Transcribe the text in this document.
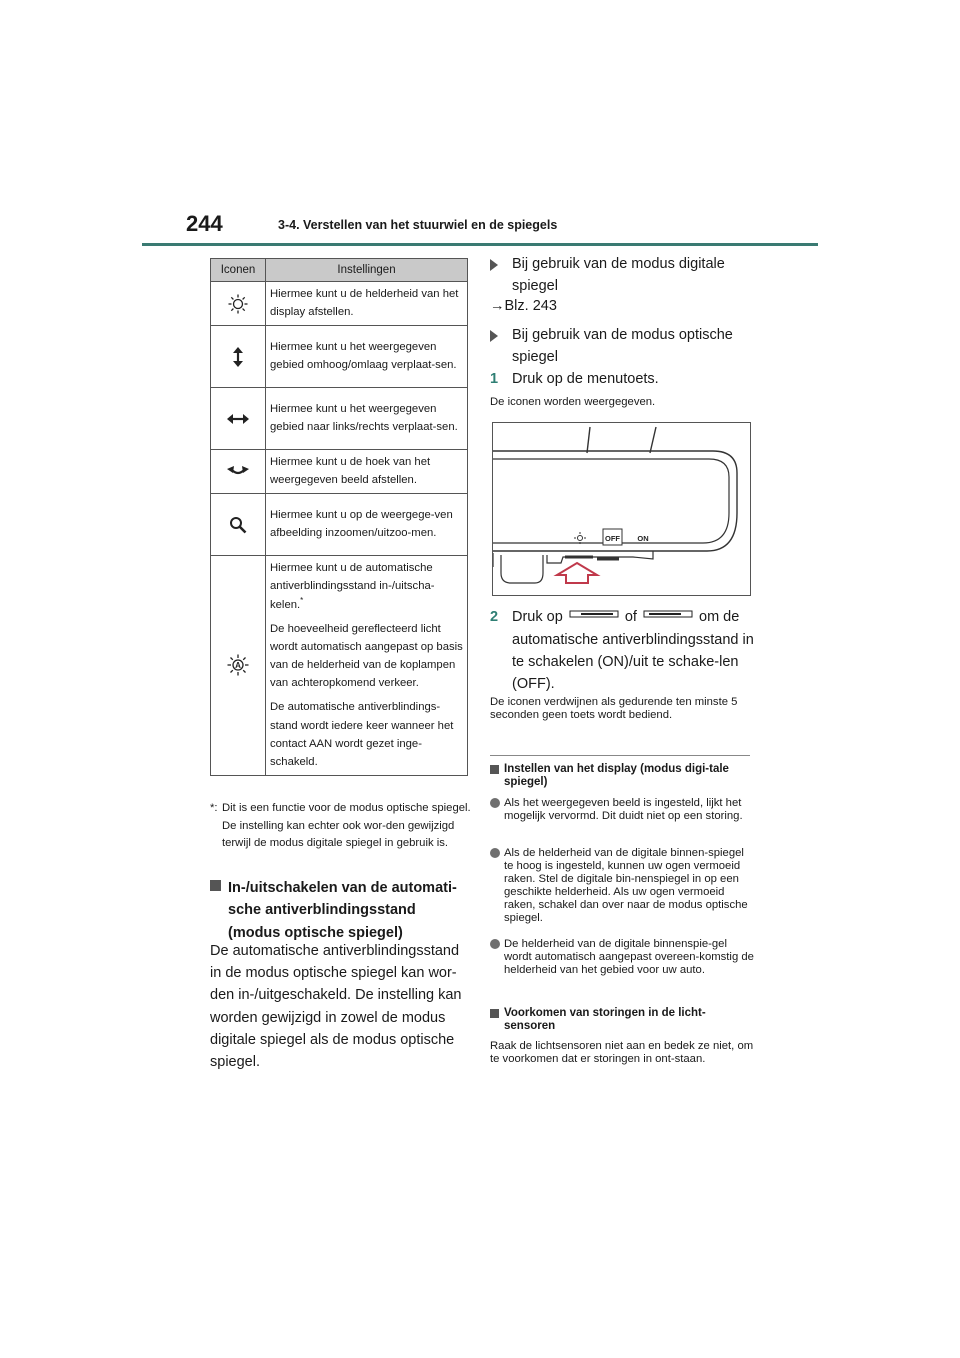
244	3-4. Verstellen van het stuurwiel en de spiegels
Iconen	Instellingen

Hiermee kunt u de helderheid van het display afstellen.

Hiermee kunt u het weergegeven gebied omhoog/omlaag verplaat-sen.

Hiermee kunt u het weergegeven gebied naar links/rechts verplaat-sen.

Hiermee kunt u de hoek van het weergegeven beeld afstellen.

Hiermee kunt u op de weergege-ven afbeelding inzoomen/uitzoo-men.

A	Hiermee kunt u de automatische antiverblindingsstand in-/uitscha-kelen.*

De hoeveelheid gereflecteerd licht wordt automatisch aangepast op basis van de helderheid van de koplampen van achteropkomend verkeer.

De automatische antiverblindings-stand wordt iedere keer wanneer het contact AAN wordt gezet inge-schakeld.

*: Dit is een functie voor de modus optische spiegel. De instelling kan echter ook wor-den gewijzigd terwijl de modus digitale spiegel in gebruik is.
In-/uitschakelen van de automati-sche antiverblindingsstand (modus optische spiegel)
De automatische antiverblindingsstand in de modus optische spiegel kan wor-den in-/uitgeschakeld. De instelling kan worden gewijzigd in zowel de modus digitale spiegel als de modus optische spiegel.
Bij gebruik van de modus digitale spiegel
→Blz. 243
Bij gebruik van de modus optische spiegel
1 Druk op de menutoets.
De iconen worden weergegeven.
OFF ON
2 Druk op	of	om de automatische antiverblindingsstand in te schakelen (ON)/uit te schake-len (OFF).
De iconen verdwijnen als gedurende ten minste 5 seconden geen toets wordt bediend.
Instellen van het display (modus digi-tale spiegel)
Als het weergegeven beeld is ingesteld, lijkt het mogelijk vervormd. Dit duidt niet op een storing.
Als de helderheid van de digitale binnen-spiegel te hoog is ingesteld, kunnen uw ogen vermoeid raken. Stel de digitale bin-nenspiegel in op een geschikte helderheid. Als uw ogen vermoeid raken, schakel dan over naar de modus optische spiegel.
De helderheid van de digitale binnenspie-gel wordt automatisch aangepast overeen-komstig de helderheid van het gebied voor uw auto.
Voorkomen van storingen in de licht-sensoren
Raak de lichtsensoren niet aan en bedek ze niet, om te voorkomen dat er storingen in ont-staan.
